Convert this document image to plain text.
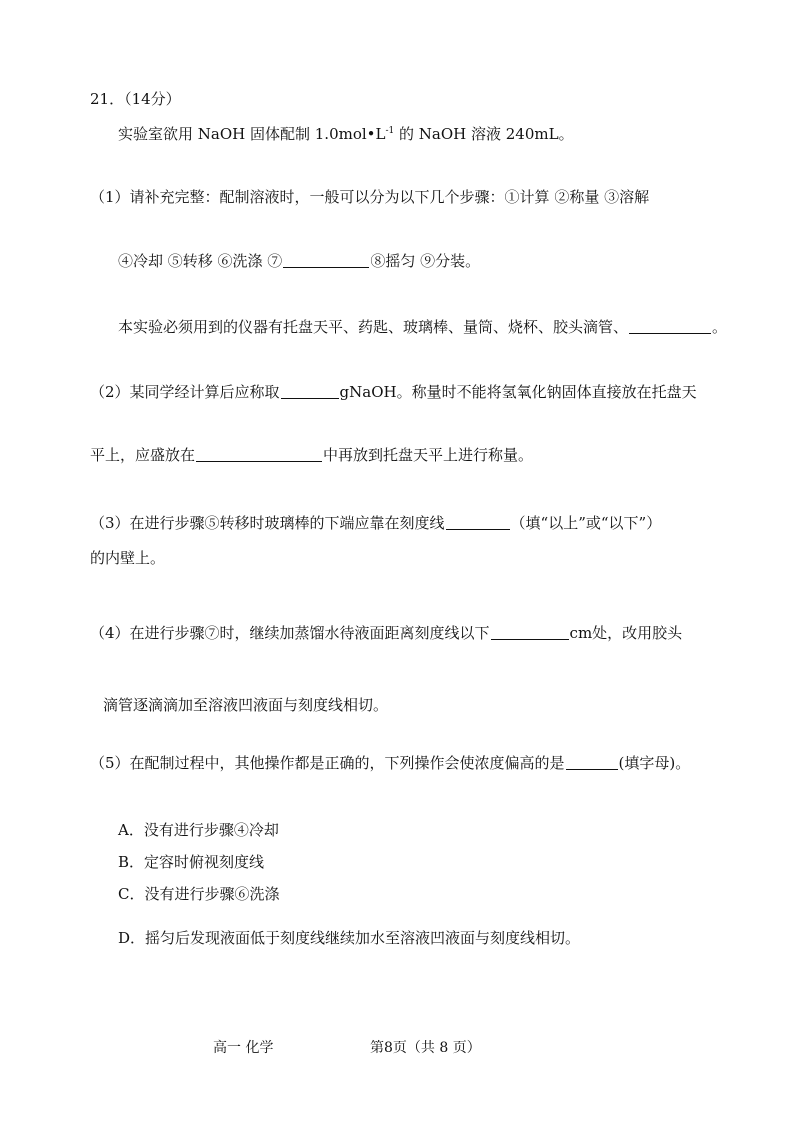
21．（14分）
实验室欲用 NaOH 固体配制 $1.0mol•L^{-1}$ 的 NaOH 溶液 240mL。
（1）请补充完整：配制溶液时，一般可以分为以下几个步骤：①计算 ②称量 ③溶解
④冷却 ⑤转移 ⑥洗涤 ⑦	⑧摇匀 ⑨分装。
本实验必须用到的仪器有托盘天平、药匙、玻璃棒、量筒、烧杯、胶头滴管、	。
（2）某同学经计算后应称取	gNaOH。称量时不能将氢氧化钠固体直接放在托盘天
平上，应盛放在	中再放到托盘天平上进行称量。
（3）在进行步骤⑤转移时玻璃棒的下端应靠在刻度线	（填“以上”或“以下”）
的内壁上。
（4）在进行步骤⑦时，继续加蒸馏水待液面距离刻度线以下	cm处，改用胶头
滴管逐滴滴加至溶液凹液面与刻度线相切。
（5）在配制过程中，其他操作都是正确的，下列操作会使浓度偏高的是	(填字母)。
A．没有进行步骤④冷却
B．定容时俯视刻度线
C．没有进行步骤⑥洗涤
D．摇匀后发现液面低于刻度线继续加水至溶液凹液面与刻度线相切。
高一 化学	第8页（共 8 页）
